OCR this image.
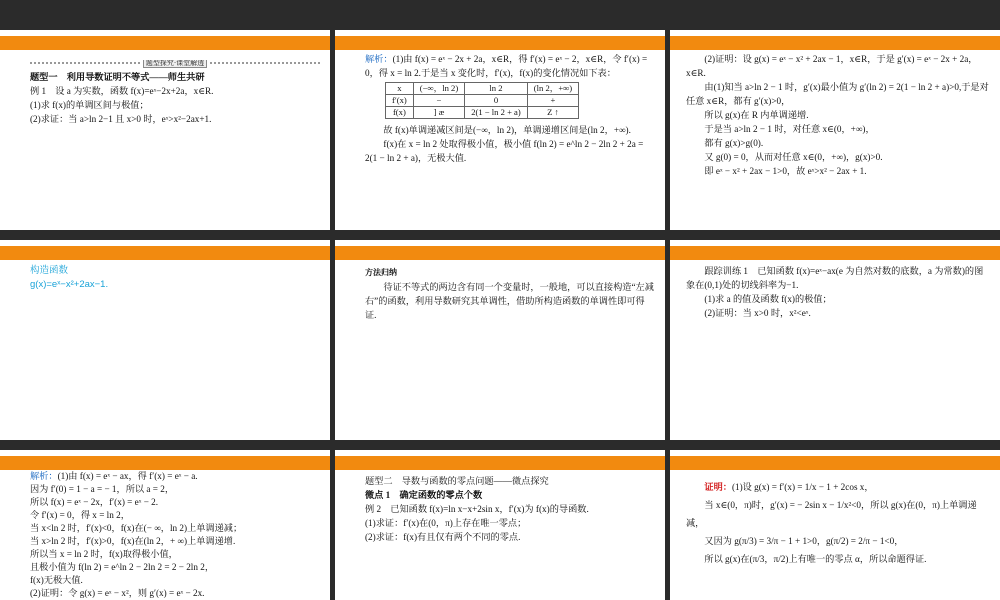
题型探究·课堂解透

题型一　利用导数证明不等式——师生共研

例 1　设 a 为实数，函数 f(x)=eˣ−2x+2a，x∈R.

(1)求 f(x)的单调区间与极值；

(2)求证：当 a>ln 2−1 且 x>0 时，eˣ>x²−2ax+1.

解析：(1)由 f(x) = eˣ − 2x + 2a，x∈R，得 f′(x) = eˣ − 2，x∈R，令 f′(x) = 0，得 x = ln 2.于是当 x 变化时，f′(x)，f(x)的变化情况如下表：

x	(−∞，ln 2)	ln 2	(ln 2，+∞)
f′(x)	−	0	+
f(x)	] æ	2(1 − ln 2 + a)	Z ↑

故 f(x)单调递减区间是(−∞，ln 2)，单调递增区间是(ln 2，+∞).

f(x)在 x = ln 2 处取得极小值，极小值 f(ln 2) = e^ln 2 − 2ln 2 + 2a = 2(1 − ln 2 + a)，无极大值.

(2)证明：设 g(x) = eˣ − x² + 2ax − 1，x∈R，于是 g′(x) = eˣ − 2x + 2a，x∈R.

由(1)知当 a>ln 2 − 1 时，g′(x)最小值为 g′(ln 2) = 2(1 − ln 2 + a)>0,于是对任意 x∈R，都有 g′(x)>0，

所以 g(x)在 R 内单调递增.

于是当 a>ln 2 − 1 时，对任意 x∈(0，+∞)，

都有 g(x)>g(0).

又 g(0) = 0，从而对任意 x∈(0，+∞)，g(x)>0.

即 eˣ − x² + 2ax − 1>0，故 eˣ>x² − 2ax + 1.

构造函数

g(x)=eˣ−x²+2ax−1.

方法归纳

待证不等式的两边含有同一个变量时，一般地，可以直接构造“左减右”的函数，利用导数研究其单调性，借助所构造函数的单调性即可得证.

跟踪训练 1　已知函数 f(x)=eˣ−ax(e 为自然对数的底数，a 为常数)的图象在(0,1)处的切线斜率为−1.

(1)求 a 的值及函数 f(x)的极值；

(2)证明：当 x>0 时，x²<eˣ.

解析：(1)由 f(x) = eˣ − ax，得 f′(x) = eˣ − a.

因为 f′(0) = 1 − a = − 1，所以 a = 2，

所以 f(x) = eˣ − 2x，f′(x) = eˣ − 2.

令 f′(x) = 0，得 x = ln 2，

当 x<ln 2 时，f′(x)<0，f(x)在(− ∞，ln 2)上单调递减；

当 x>ln 2 时，f′(x)>0，f(x)在(ln 2，+ ∞)上单调递增.

所以当 x = ln 2 时，f(x)取得极小值，

且极小值为 f(ln 2) = e^ln 2 − 2ln 2 = 2 − 2ln 2，

f(x)无极大值.

(2)证明：令 g(x) = eˣ − x²，则 g′(x) = eˣ − 2x.

题型二　导数与函数的零点问题——微点探究

微点 1　确定函数的零点个数

例 2　已知函数 f(x)=ln x−x+2sin x，f′(x)为 f(x)的导函数.

(1)求证：f′(x)在(0，π)上存在唯一零点；

(2)求证：f(x)有且仅有两个不同的零点.

证明：(1)设 g(x) = f′(x) = 1/x − 1 + 2cos x，

当 x∈(0，π)时，g′(x) = − 2sin x − 1/x²<0，所以 g(x)在(0，π)上单调递减，

又因为 g(π/3) = 3/π − 1 + 1>0，g(π/2) = 2/π − 1<0，

所以 g(x)在(π/3，π/2)上有唯一的零点 α，所以命题得证.
